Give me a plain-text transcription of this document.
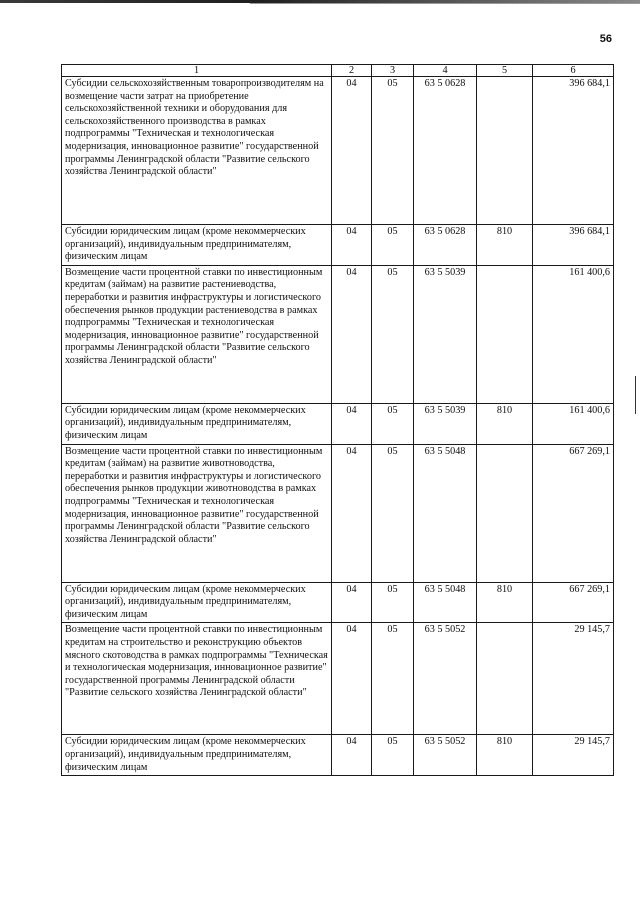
56
1	2	3	4	5	6
Субсидии сельскохозяйственным товаропроизводителям на возмещение части затрат на приобретение сельскохозяйственной техники и оборудования для сельскохозяйственного производства в рамках подпрограммы "Техническая и технологическая модернизация, инновационное развитие" государственной программы Ленинградской области "Развитие сельского хозяйства Ленинградской области"	04	05	63 5 0628		396 684,1
Субсидии юридическим лицам (кроме некоммерческих организаций), индивидуальным предпринимателям, физическим лицам	04	05	63 5 0628	810	396 684,1
Возмещение части процентной ставки по инвестиционным кредитам (займам) на развитие растениеводства, переработки и развития инфраструктуры и логистического обеспечения рынков продукции растениеводства в рамках подпрограммы "Техническая и технологическая модернизация, инновационное развитие" государственной программы Ленинградской области "Развитие сельского хозяйства Ленинградской области"	04	05	63 5 5039		161 400,6
Субсидии юридическим лицам (кроме некоммерческих организаций), индивидуальным предпринимателям, физическим лицам	04	05	63 5 5039	810	161 400,6
Возмещение части процентной ставки по инвестиционным кредитам (займам) на развитие животноводства, переработки и развития инфраструктуры и логистического обеспечения рынков продукции животноводства в рамках подпрограммы "Техническая и технологическая модернизация, инновационное развитие" государственной программы Ленинградской области "Развитие сельского хозяйства Ленинградской области"	04	05	63 5 5048		667 269,1
Субсидии юридическим лицам (кроме некоммерческих организаций), индивидуальным предпринимателям, физическим лицам	04	05	63 5 5048	810	667 269,1
Возмещение части процентной ставки по инвестиционным кредитам на строительство и реконструкцию объектов мясного скотоводства в рамках подпрограммы "Техническая и технологическая модернизация, инновационное развитие" государственной программы Ленинградской области "Развитие сельского хозяйства Ленинградской области"	04	05	63 5 5052		29 145,7
Субсидии юридическим лицам (кроме некоммерческих организаций), индивидуальным предпринимателям, физическим лицам	04	05	63 5 5052	810	29 145,7
